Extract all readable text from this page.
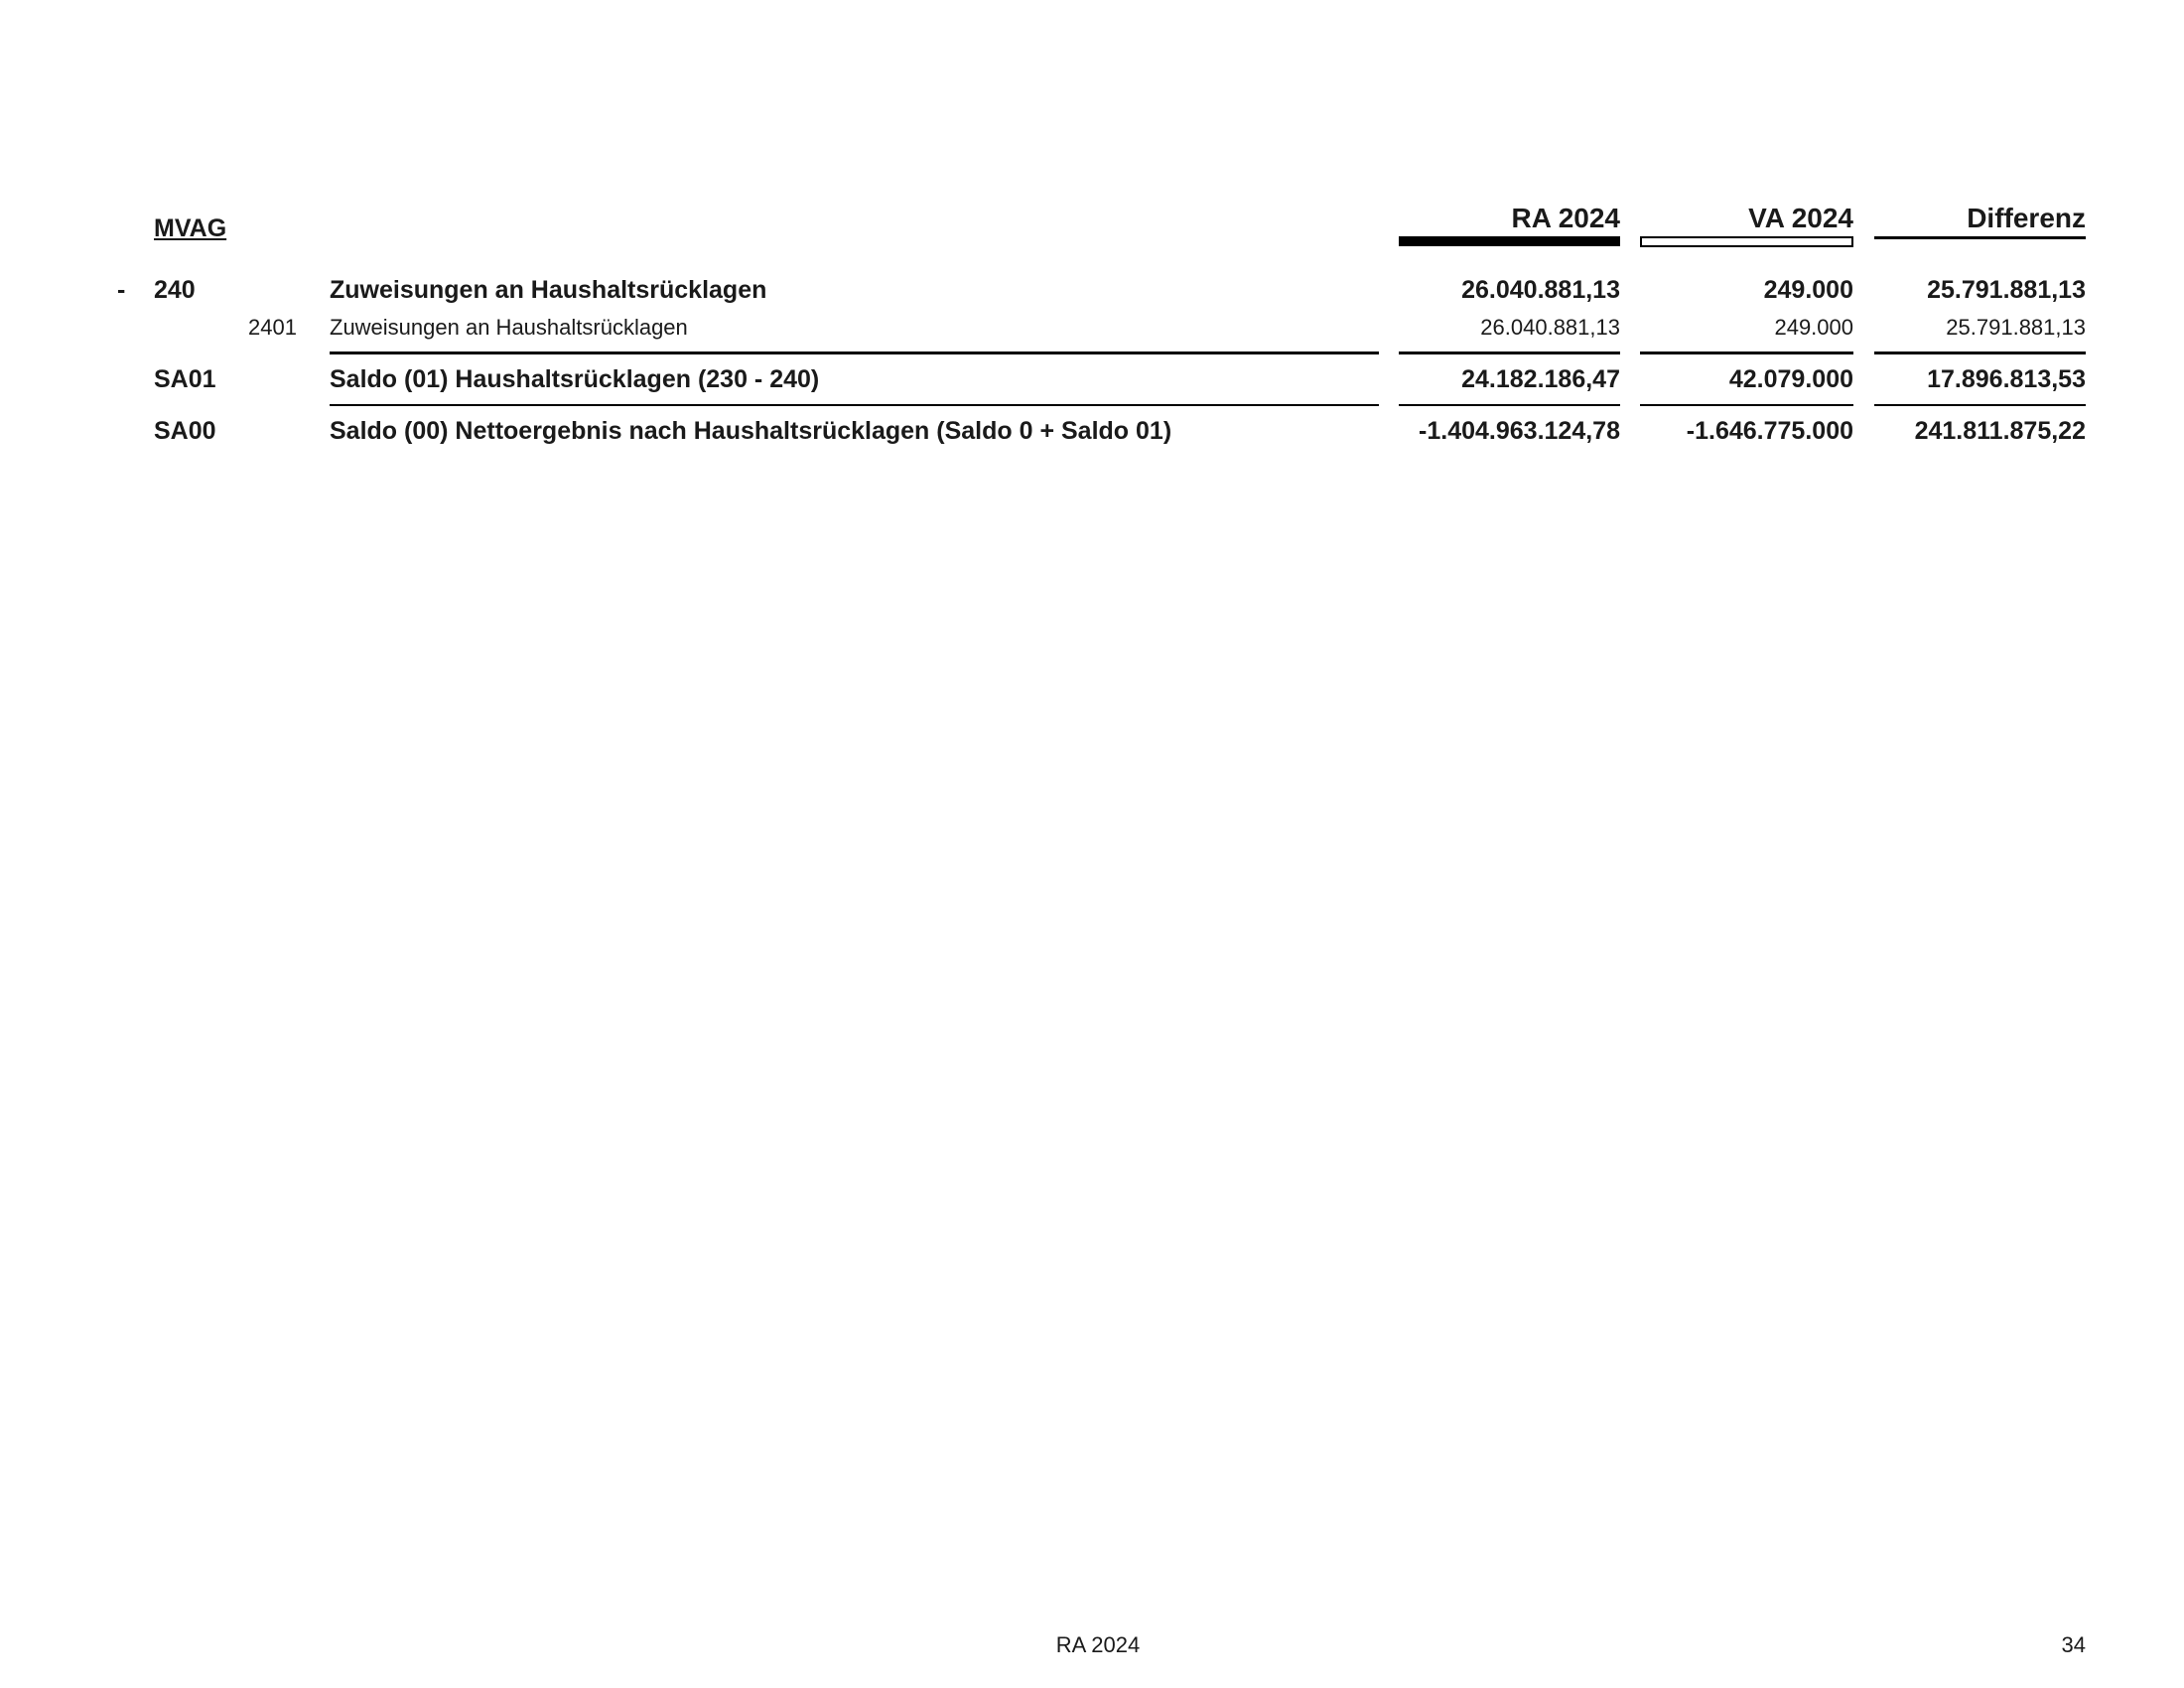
MVAG	RA 2024	VA 2024	Differenz
- 240	Zuweisungen an Haushaltsrücklagen	26.040.881,13	249.000	25.791.881,13
2401 Zuweisungen an Haushaltsrücklagen	26.040.881,13	249.000	25.791.881,13
SA01	Saldo (01) Haushaltsrücklagen (230 - 240)	24.182.186,47	42.079.000	17.896.813,53
SA00	Saldo (00) Nettoergebnis nach Haushaltsrücklagen (Saldo 0 + Saldo 01)	-1.404.963.124,78	-1.646.775.000	241.811.875,22
RA 2024	34
